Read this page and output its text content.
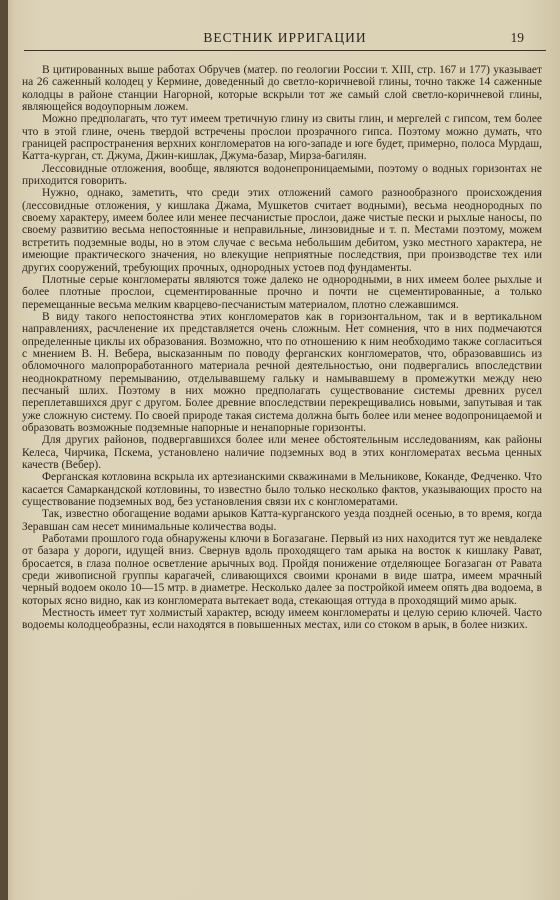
ВЕСТНИК ИРРИГАЦИИ	19

В цитированных выше работах Обручев (матер. по геологии России т. XIII, стр. 167 и 177) указывает на 26 саженный колодец у Кермине, доведенный до светло-коричневой глины, точно также 14 саженные колодцы в районе станции Нагорной, которые вскрыли тот же самый слой светло-коричневой глины, являющейся водоупорным ложем.

Можно предполагать, что тут имеем третичную глину из свиты глин, и мергелей с гипсом, тем более что в этой глине, очень твердой встречены прослои прозрачного гипса. Поэтому можно думать, что границей распространения верхних конгломератов на юго-западе и юге будет, примерно, полоса Мурдаш, Катта-курган, ст. Джума, Джин-кишлак, Джума-базар, Мирза-багилян.

Лессовидные отложения, вообще, являются водонепроницаемыми, поэтому о водных горизонтах не приходится говорить.

Нужно, однако, заметить, что среди этих отложений самого разнообразного происхождения (лессовидные отложения, у кишлака Джама, Мушкетов считает водными), весьма неоднородных по своему характеру, имеем более или менее песчанистые прослои, даже чистые пески и рыхлые наносы, по своему развитию весьма непостоянные и неправильные, линзовидные и т. п. Местами поэтому, можем встретить подземные воды, но в этом случае с весьма небольшим дебитом, узко местного характера, не имеющие практического значения, но влекущие неприятные последствия, при производстве тех или других сооружений, требующих прочных, однородных устоев под фундаменты.

Плотные серые конгломераты являются тоже далеко не однородными, в них имеем более рыхлые и более плотные прослои, сцементированные прочно и почти не сцементированные, а только перемещанные весьма мелким кварцево-песчанистым материалом, плотно слежавшимся.

В виду такого непостоянства этих конгломератов как в горизонтальном, так и в вертикальном направлениях, расчленение их представляется очень сложным. Нет сомнения, что в них подмечаются определенные циклы их образования. Возможно, что по отношению к ним необходимо также согласиться с мнением В. Н. Вебера, высказанным по поводу ферганских конгломератов, что, образовавшись из обломочного малопроработанного материала речной деятельностью, они подвергались впоследствии неоднократному перемыванию, отделывавшему гальку и намывавшему в промежутки между нею песчаный шлих. Поэтому в них можно предполагать существование системы древних русел переплетавшихся друг с другом. Более древние впоследствии перекрещивались новыми, запутывая и так уже сложную систему. По своей природе такая система должна быть более или менее водопроницаемой и образовать возможные подземные напорные и ненапорные горизонты.

Для других районов, подвергавшихся более или менее обстоятельным исследованиям, как районы Келеса, Чирчика, Пскема, установлено наличие подземных вод в этих конгломератах весьма ценных качеств (Вебер).

Ферганская котловина вскрыла их артезианскими скважинами в Мельникове, Коканде, Федченко. Что касается Самаркандской котловины, то известно было только несколько фактов, указывающих просто на существование подземных вод, без установления связи их с конгломератами.

Так, известно обогащение водами арыков Катта-курганского уезда поздней осенью, в то время, когда Зеравшан сам несет минимальные количества воды.

Работами прошлого года обнаружены ключи в Богазагане. Первый из них находится тут же невдалеке от базара у дороги, идущей вниз. Свернув вдоль проходящего там арыка на восток к кишлаку Рават, бросается, в глаза полное осветление арычных вод. Пройдя понижение отделяющее Богазаган от Равата среди живописной группы карагачей, сливающихся своими кронами в виде шатра, имеем мрачный черный водоем около 10—15 мтр. в диаметре. Несколько далее за постройкой имеем опять два водоема, в которых ясно видно, как из конгломерата вытекает вода, стекающая оттуда в проходящий мимо арык.

Местность имеет тут холмистый характер, всюду имеем конгломераты и целую серию ключей. Часто водоемы колодцеобразны, если находятся в повышенных местах, или со стоком в арык, в более низких.
